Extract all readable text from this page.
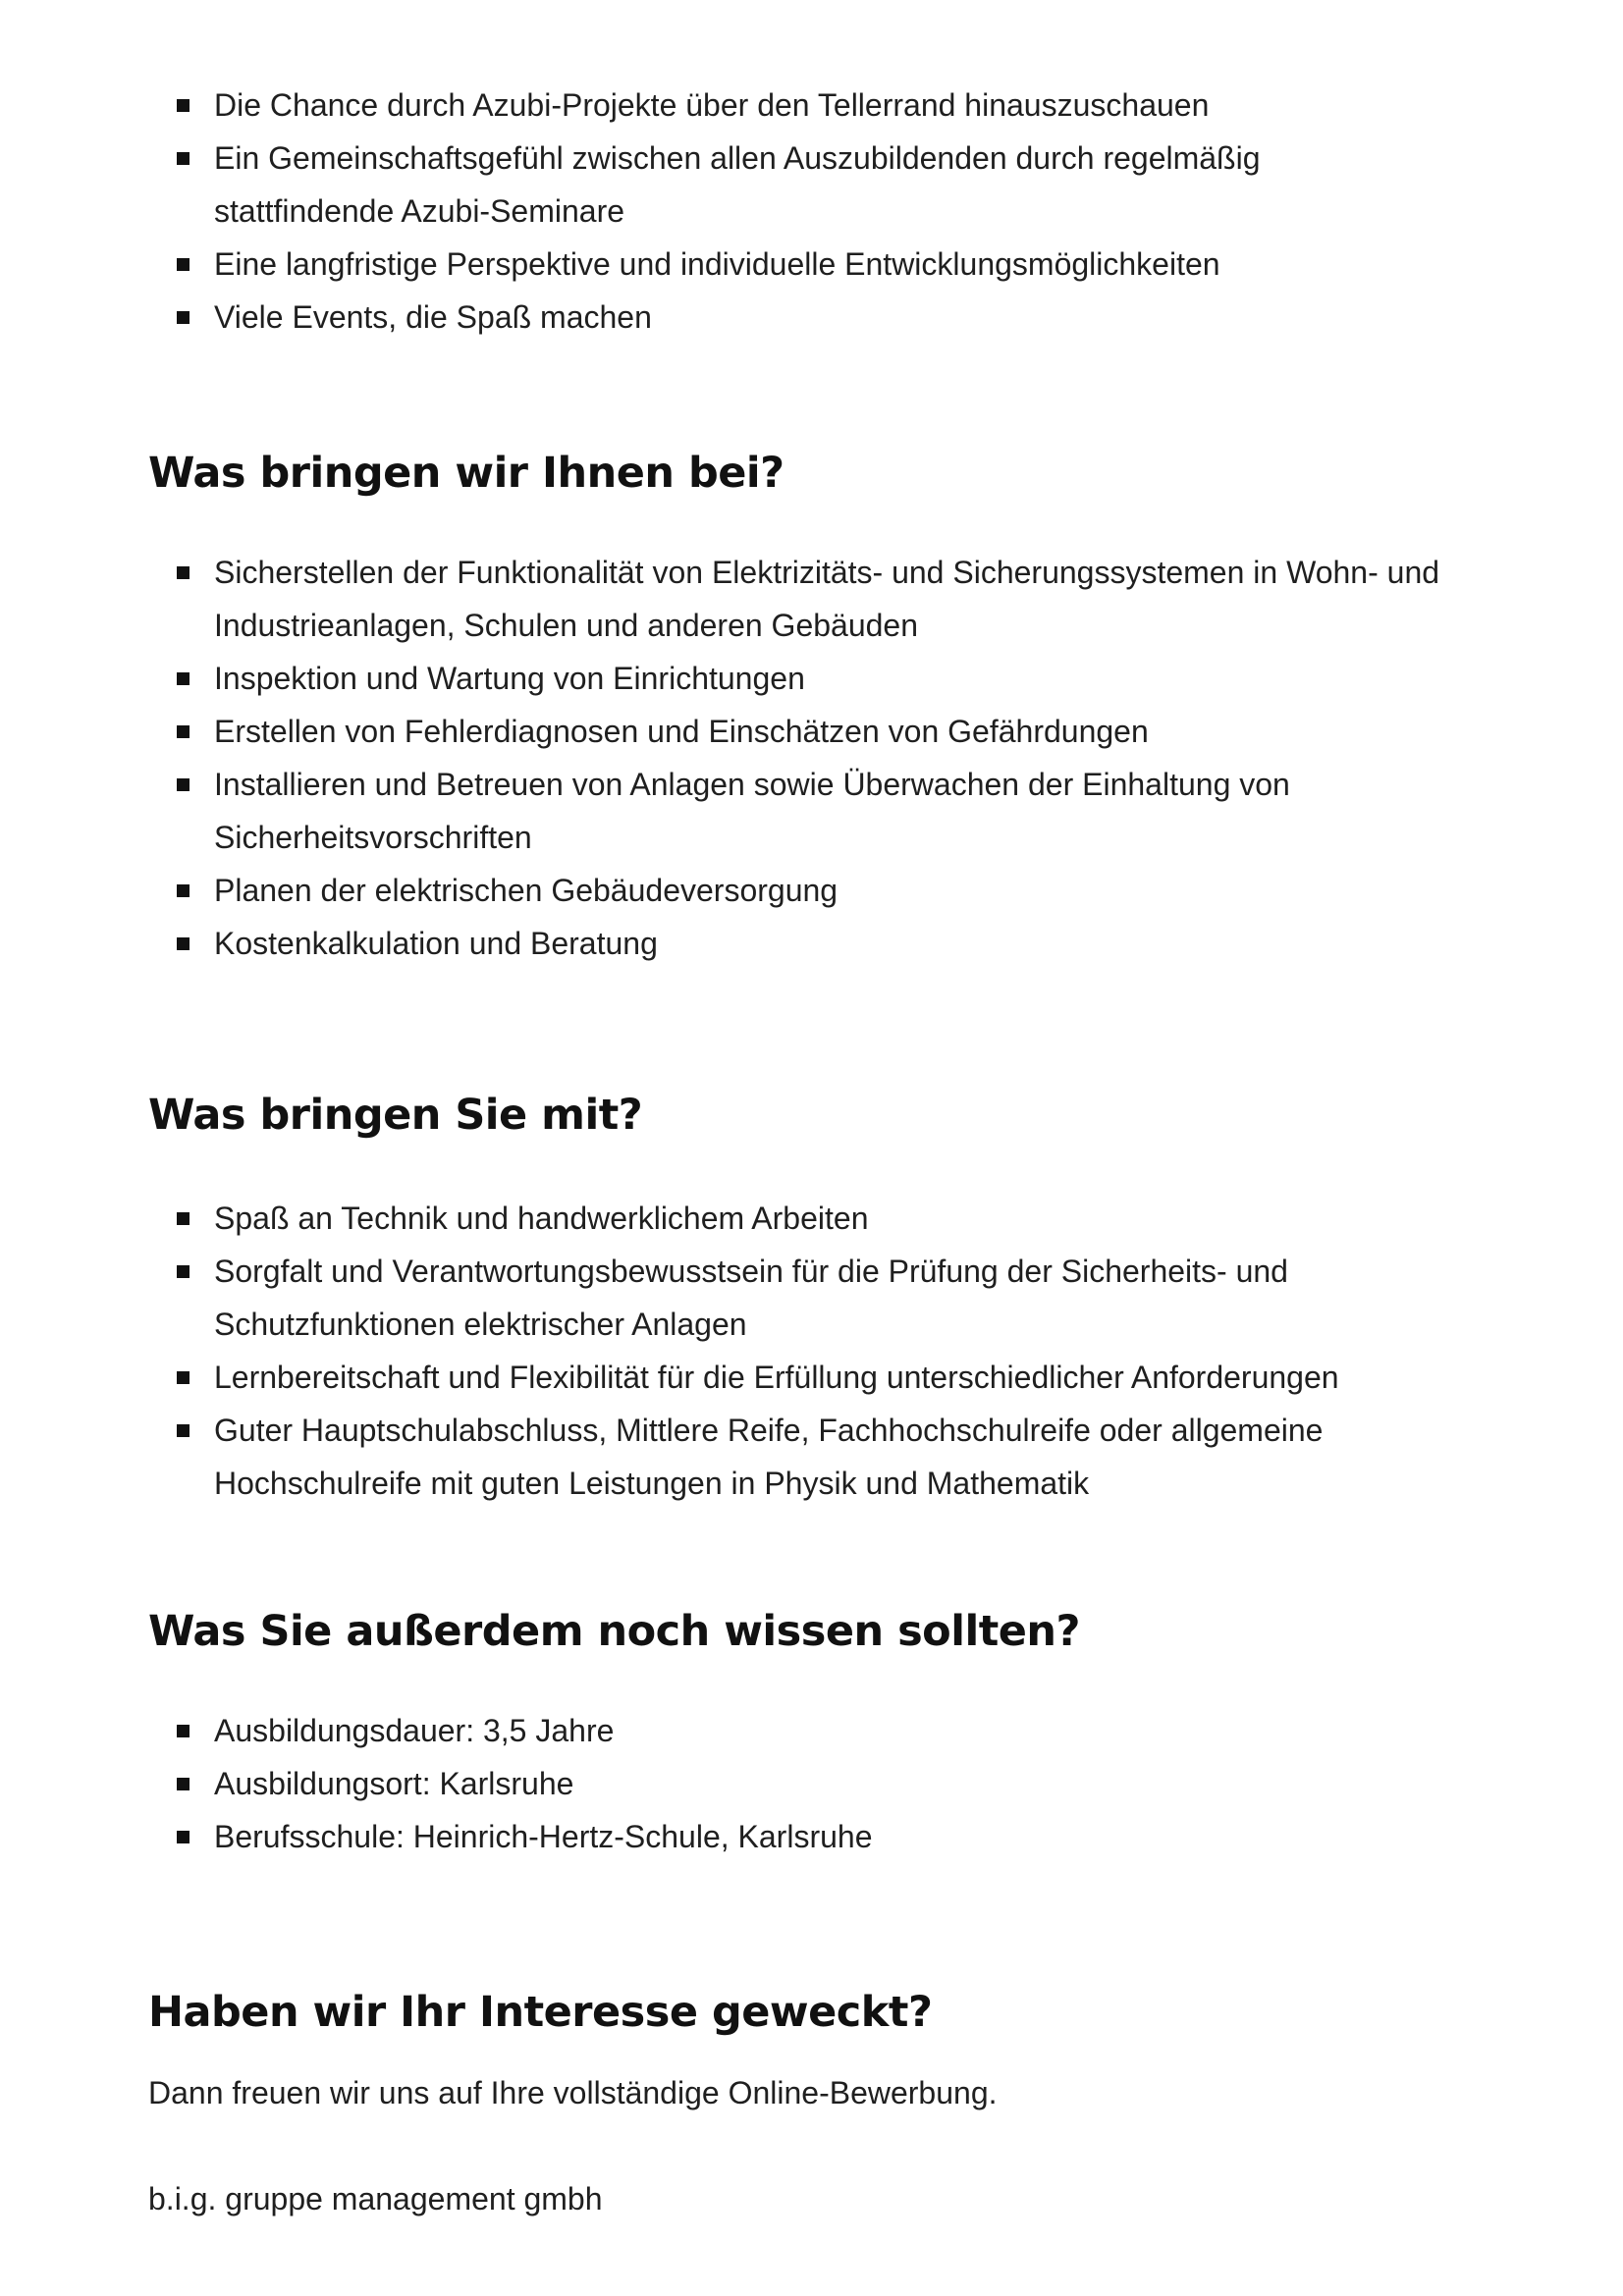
Die Chance durch Azubi-Projekte über den Tellerrand hinauszuschauen
Ein Gemeinschaftsgefühl zwischen allen Auszubildenden durch regelmäßig stattfindende Azubi-Seminare
Eine langfristige Perspektive und individuelle Entwicklungsmöglichkeiten
Viele Events, die Spaß machen
Was bringen wir Ihnen bei?
Sicherstellen der Funktionalität von Elektrizitäts- und Sicherungssystemen in Wohn- und Industrieanlagen, Schulen und anderen Gebäuden
Inspektion und Wartung von Einrichtungen
Erstellen von Fehlerdiagnosen und Einschätzen von Gefährdungen
Installieren und Betreuen von Anlagen sowie Überwachen der Einhaltung von Sicherheitsvorschriften
Planen der elektrischen Gebäudeversorgung
Kostenkalkulation und Beratung
Was bringen Sie mit?
Spaß an Technik und handwerklichem Arbeiten
Sorgfalt und Verantwortungsbewusstsein für die Prüfung der Sicherheits- und Schutzfunktionen elektrischer Anlagen
Lernbereitschaft und Flexibilität für die Erfüllung unterschiedlicher Anforderungen
Guter Hauptschulabschluss, Mittlere Reife, Fachhochschulreife oder allgemeine Hochschulreife mit guten Leistungen in Physik und Mathematik
Was Sie außerdem noch wissen sollten?
Ausbildungsdauer: 3,5 Jahre
Ausbildungsort: Karlsruhe
Berufsschule: Heinrich-Hertz-Schule, Karlsruhe
Haben wir Ihr Interesse geweckt?

Dann freuen wir uns auf Ihre vollständige Online-Bewerbung.

b.i.g. gruppe management gmbh
